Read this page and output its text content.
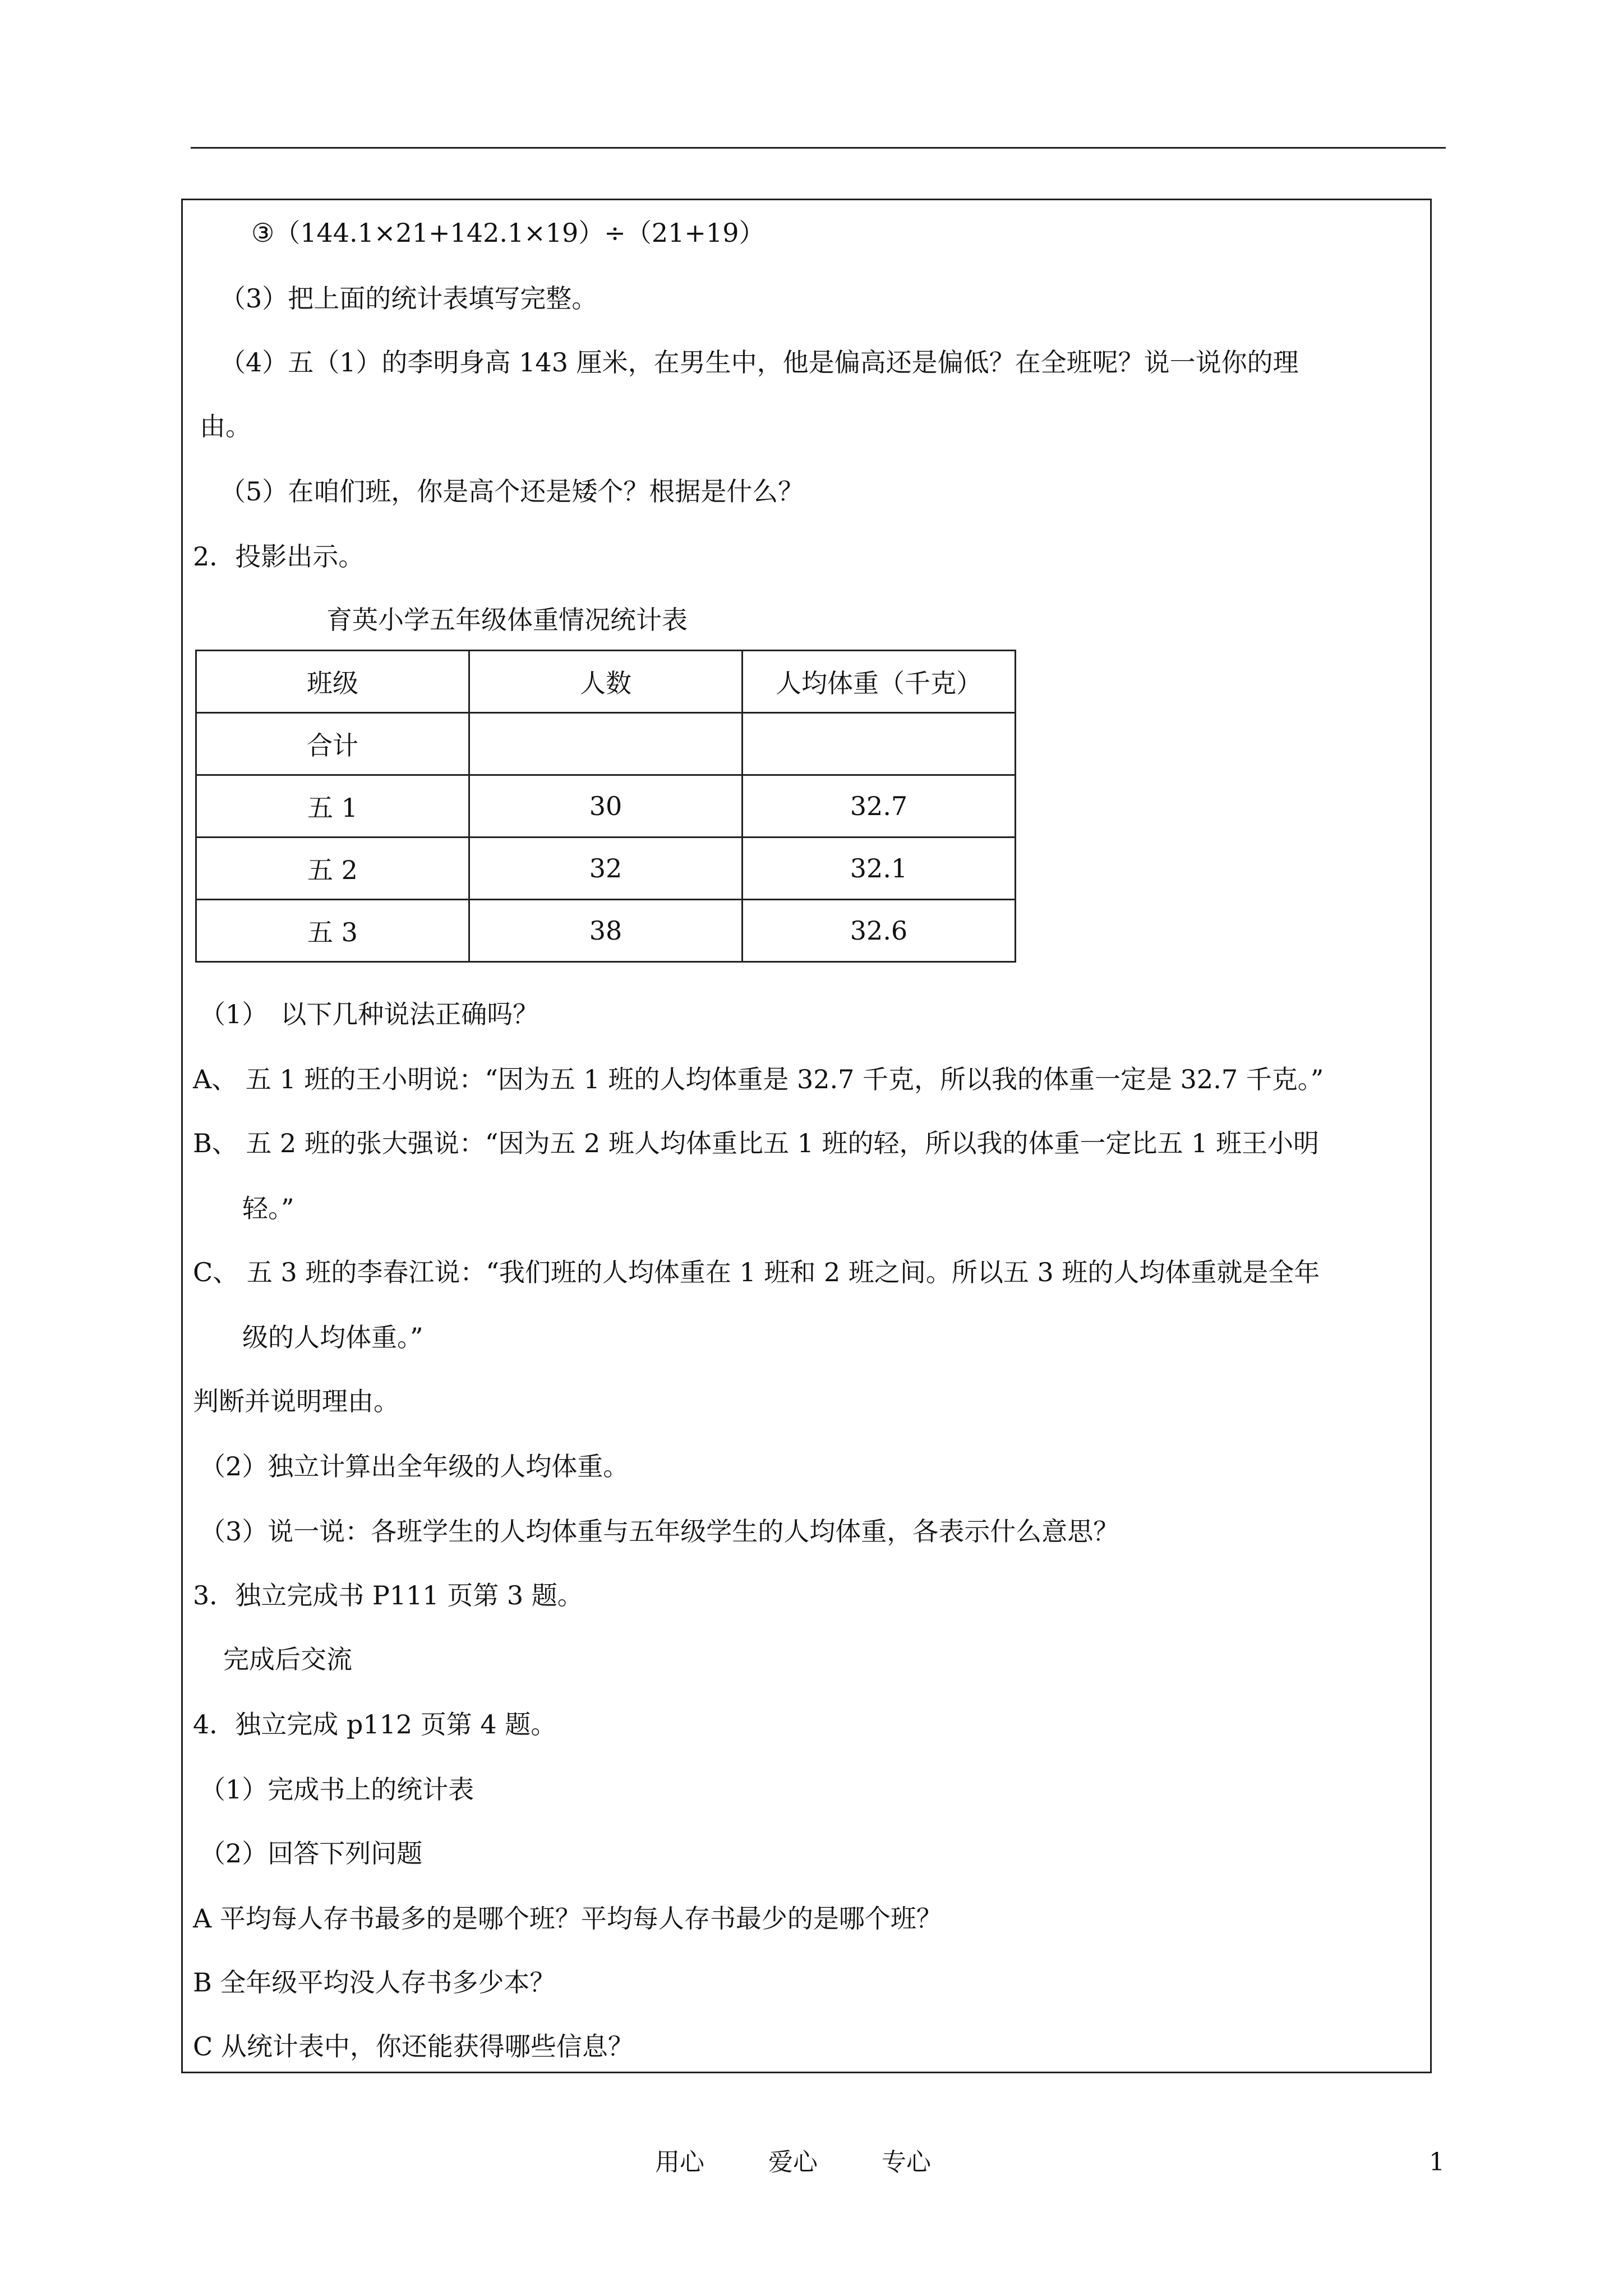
③（144.1×21+142.1×19）÷（21+19）
（3）把上面的统计表填写完整。
（4）五（1）的李明身高 143 厘米，在男生中，他是偏高还是偏低？在全班呢？说一说你的理
由。
（5）在咱们班，你是高个还是矮个？根据是什么？
2．投影出示。
（1）　以下几种说法正确吗？
A、 五 1 班的王小明说：“因为五 1 班的人均体重是 32.7 千克，所以我的体重一定是 32.7 千克。”
B、 五 2 班的张大强说：“因为五 2 班人均体重比五 1 班的轻，所以我的体重一定比五 1 班王小明
轻。”
C、 五 3 班的李春江说：“我们班的人均体重在 1 班和 2 班之间。所以五 3 班的人均体重就是全年
级的人均体重。”
判断并说明理由。
（2）独立计算出全年级的人均体重。
（3）说一说：各班学生的人均体重与五年级学生的人均体重，各表示什么意思？
3．独立完成书 P111 页第 3 题。
完成后交流
4．独立完成 p112 页第 4 题。
（1）完成书上的统计表
（2）回答下列问题
A 平均每人存书最多的是哪个班？平均每人存书最少的是哪个班？
B 全年级平均没人存书多少本？
C 从统计表中，你还能获得哪些信息？
育英小学五年级体重情况统计表
班级	人数	人均体重（千克）
合计		
五 1	30	32.7
五 2	32	32.1
五 3	38	32.6
用心	爱心	专心	1
